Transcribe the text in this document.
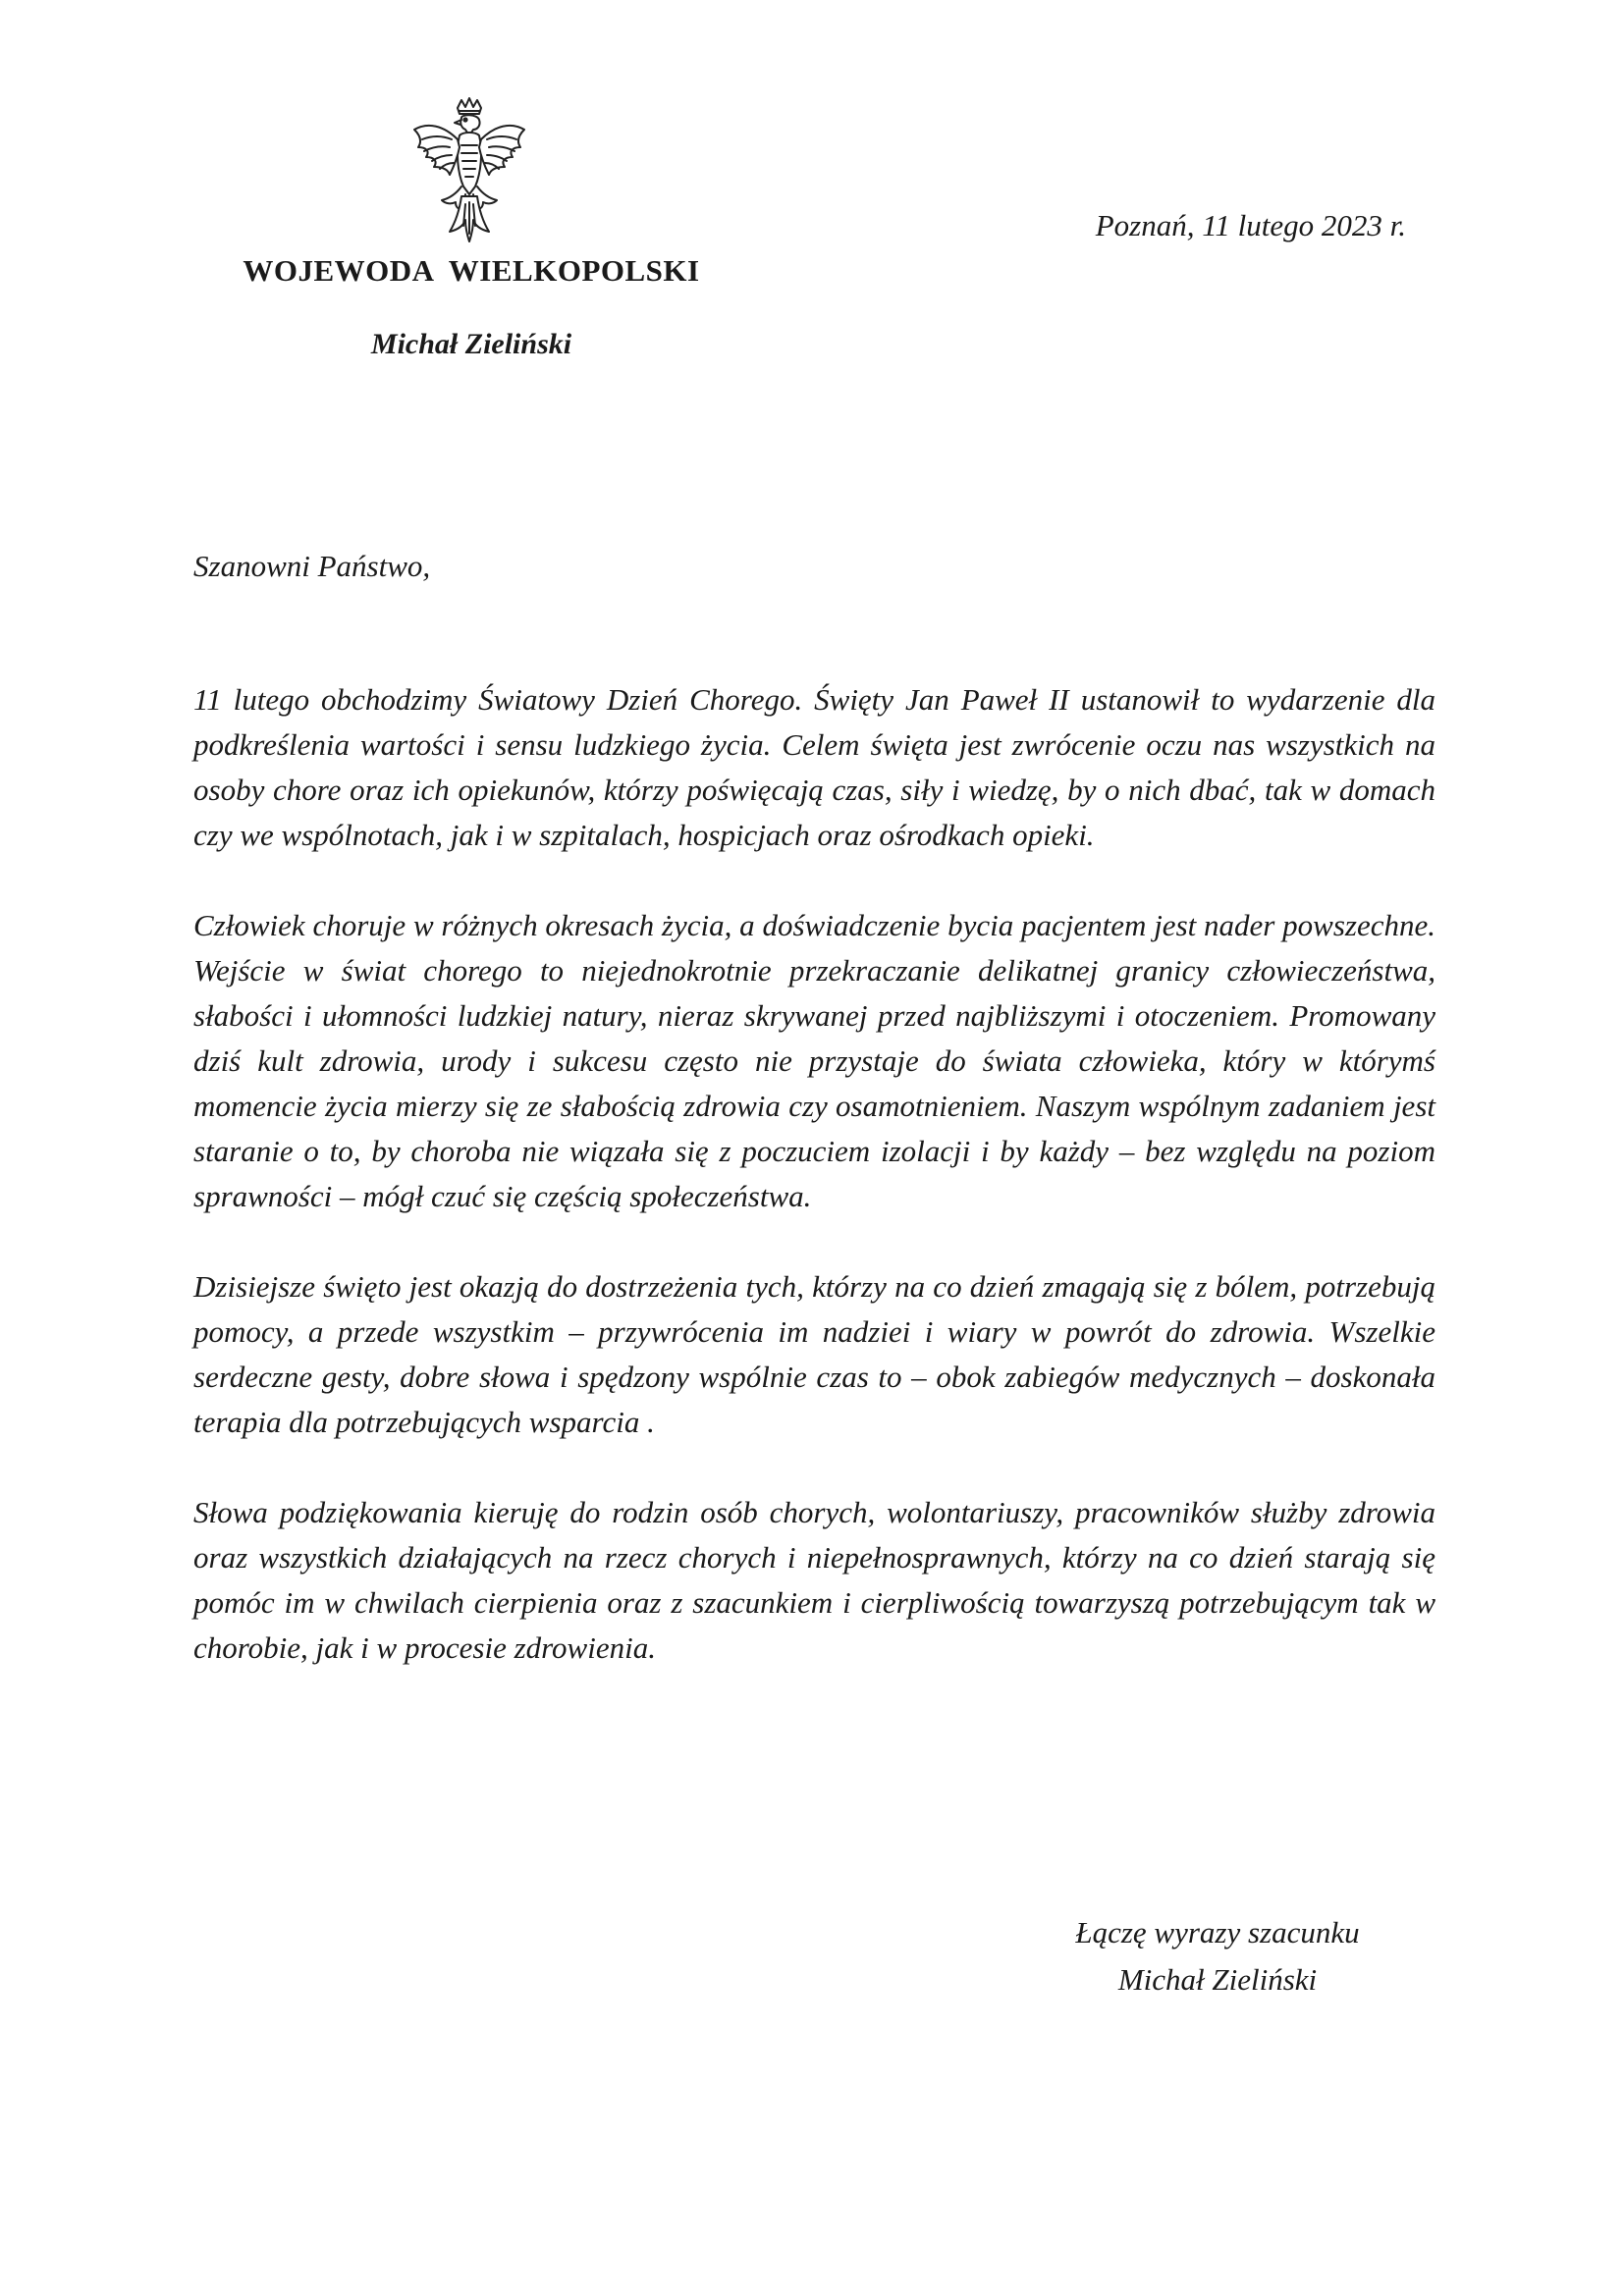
WOJEWODA  WIELKOPOLSKI
Michał Zieliński
Poznań, 11 lutego 2023 r.
Szanowni Państwo,

11 lutego obchodzimy Światowy Dzień Chorego. Święty Jan Paweł II ustanowił to wydarzenie dla podkreślenia wartości i sensu ludzkiego życia. Celem święta jest zwrócenie oczu nas wszystkich na osoby chore oraz ich opiekunów, którzy poświęcają czas, siły i wiedzę, by o nich dbać, tak w domach czy we wspólnotach, jak i w szpitalach, hospicjach oraz ośrodkach opieki.

Człowiek choruje w różnych okresach życia, a doświadczenie bycia pacjentem jest nader powszechne. Wejście w świat chorego to niejednokrotnie przekraczanie delikatnej granicy człowieczeństwa, słabości i ułomności ludzkiej natury, nieraz skrywanej przed najbliższymi i otoczeniem. Promowany dziś kult zdrowia, urody i sukcesu często nie przystaje do świata człowieka, który w którymś momencie życia mierzy się ze słabością zdrowia czy osamotnieniem. Naszym wspólnym zadaniem jest staranie o to, by choroba nie wiązała się z poczuciem izolacji i by każdy – bez względu na poziom sprawności – mógł czuć się częścią społeczeństwa.

Dzisiejsze święto jest okazją do dostrzeżenia tych, którzy na co dzień zmagają się z bólem, potrzebują pomocy, a przede wszystkim – przywrócenia im nadziei i wiary w powrót do zdrowia. Wszelkie serdeczne gesty, dobre słowa i spędzony wspólnie czas to – obok zabiegów medycznych – doskonała terapia dla potrzebujących wsparcia .

Słowa podziękowania kieruję do rodzin osób chorych, wolontariuszy, pracowników służby zdrowia oraz wszystkich działających na rzecz chorych i niepełnosprawnych, którzy na co dzień starają się pomóc im w chwilach cierpienia oraz z szacunkiem i cierpliwością towarzyszą potrzebującym tak w chorobie, jak i w procesie zdrowienia.

Łączę wyrazy szacunku
Michał Zieliński
